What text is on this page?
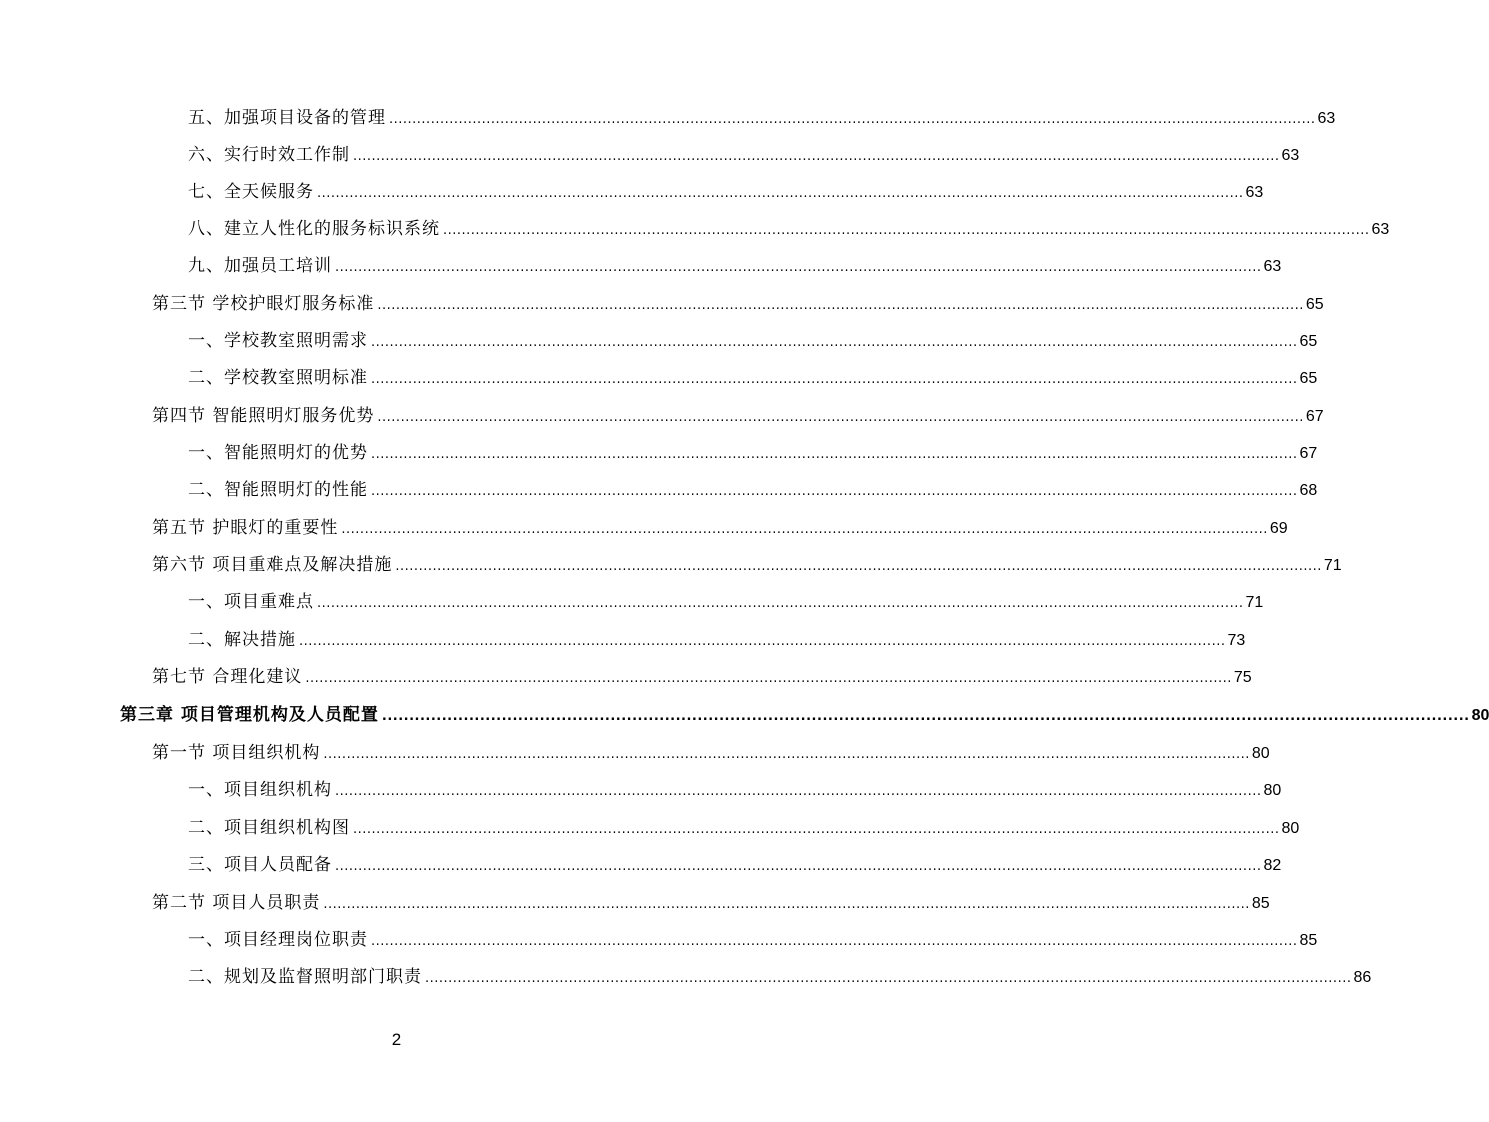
五、加强项目设备的管理 ........................................................................................................................................................................................................ 63
六、实行时效工作制 ........................................................................................................................................................................................................ 63
七、全天候服务 ........................................................................................................................................................................................................ 63
八、建立人性化的服务标识系统 ........................................................................................................................................................................................................ 63
九、加强员工培训 ........................................................................................................................................................................................................ 63
第三节 学校护眼灯服务标准 ........................................................................................................................................................................................................ 65
一、学校教室照明需求 ........................................................................................................................................................................................................ 65
二、学校教室照明标准 ........................................................................................................................................................................................................ 65
第四节 智能照明灯服务优势 ........................................................................................................................................................................................................ 67
一、智能照明灯的优势 ........................................................................................................................................................................................................ 67
二、智能照明灯的性能 ........................................................................................................................................................................................................ 68
第五节 护眼灯的重要性 ........................................................................................................................................................................................................ 69
第六节 项目重难点及解决措施 ........................................................................................................................................................................................................ 71
一、项目重难点 ........................................................................................................................................................................................................ 71
二、解决措施 ........................................................................................................................................................................................................ 73
第七节 合理化建议 ........................................................................................................................................................................................................ 75
第三章 项目管理机构及人员配置 ........................................................................................................................................................................................................ 80
第一节 项目组织机构 ........................................................................................................................................................................................................ 80
一、项目组织机构 ........................................................................................................................................................................................................ 80
二、项目组织机构图 ........................................................................................................................................................................................................ 80
三、项目人员配备 ........................................................................................................................................................................................................ 82
第二节 项目人员职责 ........................................................................................................................................................................................................ 85
一、项目经理岗位职责 ........................................................................................................................................................................................................ 85
二、规划及监督照明部门职责 ........................................................................................................................................................................................................ 86
2
